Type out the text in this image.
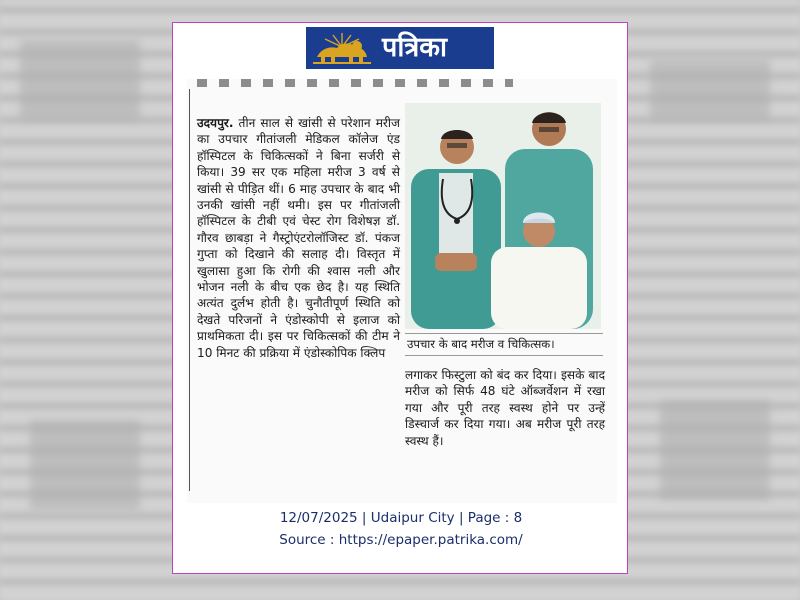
पत्रिका

उदयपुर. तीन साल से खांसी से परेशान मरीज का उपचार गीतांजली मेडिकल कॉलेज एंड हॉस्पिटल के चिकित्सकों ने बिना सर्जरी से किया। 39 सर एक महिला मरीज 3 वर्ष से खांसी से पीड़ित थीं। 6 माह उपचार के बाद भी उनकी खांसी नहीं थमी। इस पर गीतांजली हॉस्पिटल के टीबी एवं चेस्ट रोग विशेषज्ञ डॉ. गौरव छाबड़ा ने गैस्ट्रोएंटरोलॉजिस्ट डॉ. पंकज गुप्ता को दिखाने की सलाह दी। विस्तृत में खुलासा हुआ कि रोगी की श्वास नली और भोजन नली के बीच एक छेद है। यह स्थिति अत्यंत दुर्लभ होती है। चुनौतीपूर्ण स्थिति को देखते परिजनों ने एंडोस्कोपी से इलाज को प्राथमिकता दी। इस पर चिकित्सकों की टीम ने 10 मिनट की प्रक्रिया में एंडोस्कोपिक क्लिप

उपचार के बाद मरीज व चिकित्सक।

लगाकर फिस्टुला को बंद कर दिया। इसके बाद मरीज को सिर्फ 48 घंटे ऑब्जर्वेशन में रखा गया और पूरी तरह स्वस्थ होने पर उन्हें डिस्चार्ज कर दिया गया। अब मरीज पूरी तरह स्वस्थ हैं।

12/07/2025 | Udaipur City | Page : 8
Source : https://epaper.patrika.com/
